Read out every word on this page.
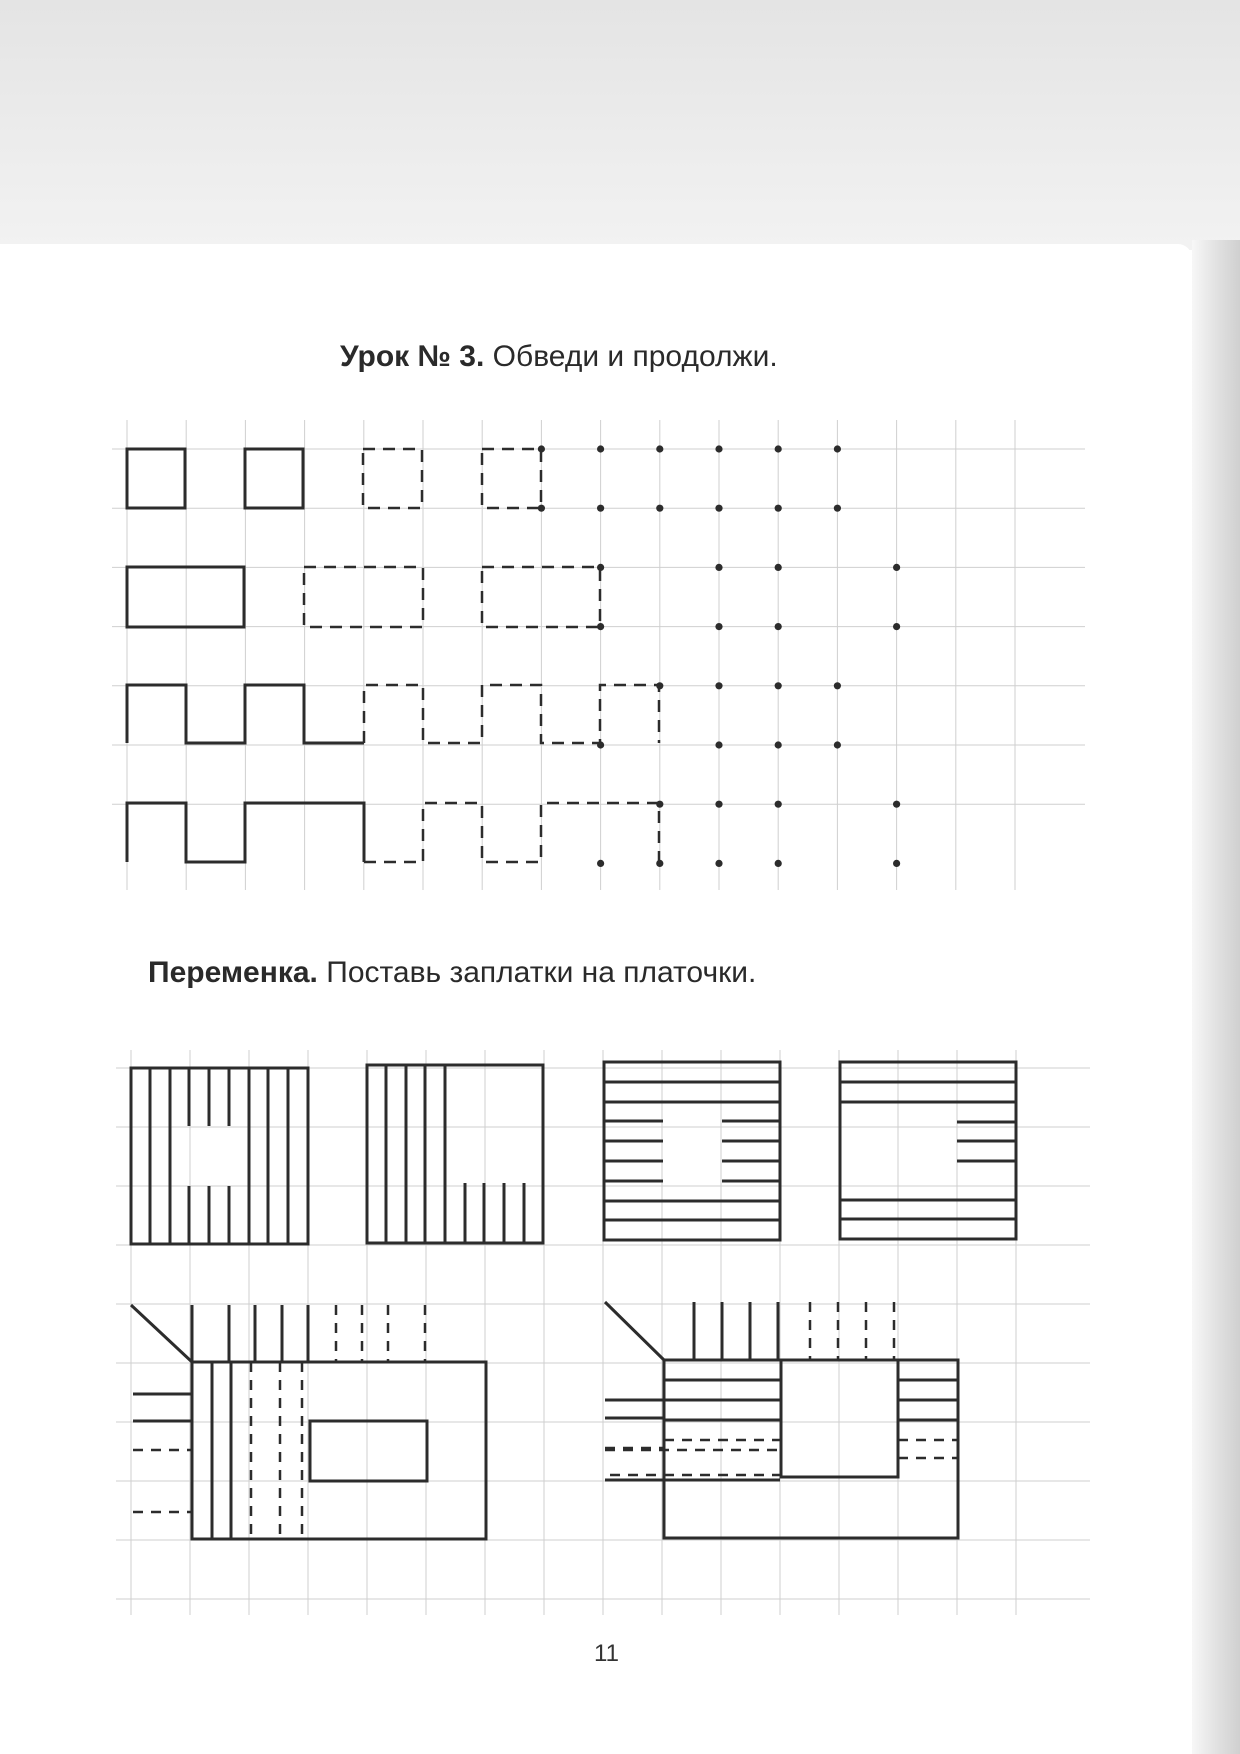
Урок № 3. Обведи и продолжи.
Переменка. Поставь заплатки на платочки.
11
